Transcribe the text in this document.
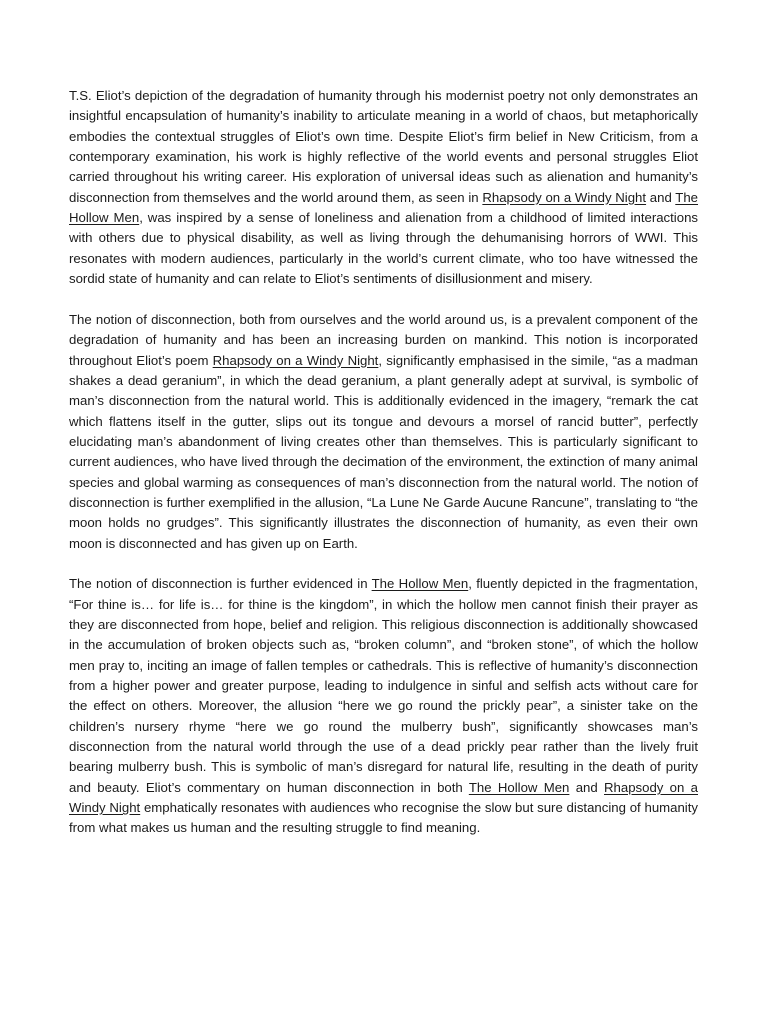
T.S. Eliot’s depiction of the degradation of humanity through his modernist poetry not only demonstrates an insightful encapsulation of humanity’s inability to articulate meaning in a world of chaos, but metaphorically embodies the contextual struggles of Eliot’s own time. Despite Eliot’s firm belief in New Criticism, from a contemporary examination, his work is highly reflective of the world events and personal struggles Eliot carried throughout his writing career. His exploration of universal ideas such as alienation and humanity’s disconnection from themselves and the world around them, as seen in Rhapsody on a Windy Night and The Hollow Men, was inspired by a sense of loneliness and alienation from a childhood of limited interactions with others due to physical disability, as well as living through the dehumanising horrors of WWI. This resonates with modern audiences, particularly in the world’s current climate, who too have witnessed the sordid state of humanity and can relate to Eliot’s sentiments of disillusionment and misery.

The notion of disconnection, both from ourselves and the world around us, is a prevalent component of the degradation of humanity and has been an increasing burden on mankind. This notion is incorporated throughout Eliot’s poem Rhapsody on a Windy Night, significantly emphasised in the simile, “as a madman shakes a dead geranium”, in which the dead geranium, a plant generally adept at survival, is symbolic of man’s disconnection from the natural world. This is additionally evidenced in the imagery, “remark the cat which flattens itself in the gutter, slips out its tongue and devours a morsel of rancid butter”, perfectly elucidating man’s abandonment of living creates other than themselves. This is particularly significant to current audiences, who have lived through the decimation of the environment, the extinction of many animal species and global warming as consequences of man’s disconnection from the natural world. The notion of disconnection is further exemplified in the allusion, “La Lune Ne Garde Aucune Rancune”, translating to “the moon holds no grudges”. This significantly illustrates the disconnection of humanity, as even their own moon is disconnected and has given up on Earth.

The notion of disconnection is further evidenced in The Hollow Men, fluently depicted in the fragmentation, “For thine is… for life is… for thine is the kingdom”, in which the hollow men cannot finish their prayer as they are disconnected from hope, belief and religion. This religious disconnection is additionally showcased in the accumulation of broken objects such as, “broken column”, and “broken stone”, of which the hollow men pray to, inciting an image of fallen temples or cathedrals. This is reflective of humanity’s disconnection from a higher power and greater purpose, leading to indulgence in sinful and selfish acts without care for the effect on others. Moreover, the allusion “here we go round the prickly pear”, a sinister take on the children’s nursery rhyme “here we go round the mulberry bush”, significantly showcases man’s disconnection from the natural world through the use of a dead prickly pear rather than the lively fruit bearing mulberry bush. This is symbolic of man’s disregard for natural life, resulting in the death of purity and beauty. Eliot’s commentary on human disconnection in both The Hollow Men and Rhapsody on a Windy Night emphatically resonates with audiences who recognise the slow but sure distancing of humanity from what makes us human and the resulting struggle to find meaning.
